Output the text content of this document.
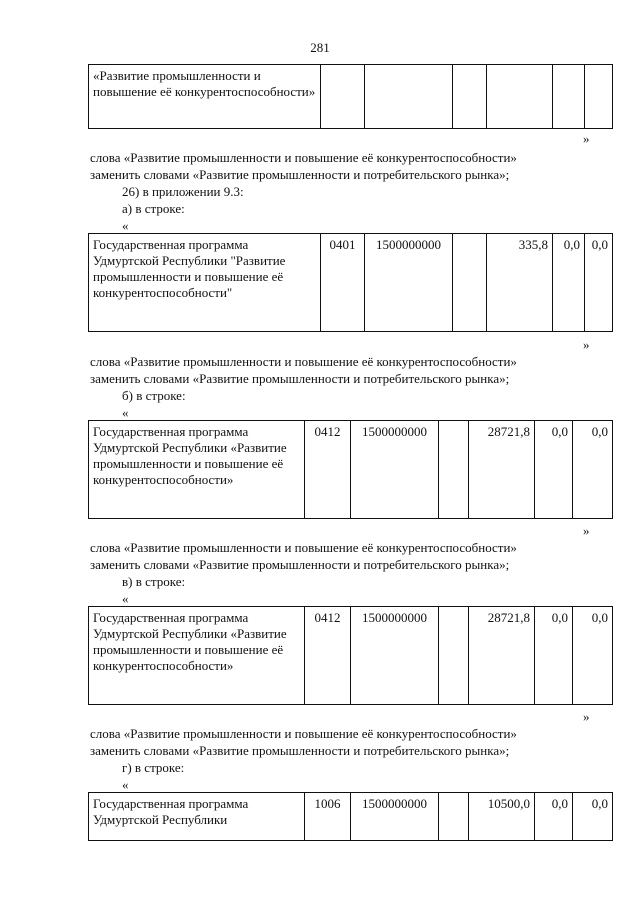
281
«Развитие промышленности и повышение её конкурентоспособности»						
»
слова «Развитие промышленности и повышение её конкурентоспособности»
заменить словами «Развитие промышленности и потребительского рынка»;
26) в приложении 9.3:
а) в строке:
«
Государственная программа Удмуртской Республики "Развитие промышленности и повышение её конкурентоспособности"	0401	1500000000		335,8	0,0	0,0
»
слова «Развитие промышленности и повышение её конкурентоспособности»
заменить словами «Развитие промышленности и потребительского рынка»;
б) в строке:
«
Государственная программа Удмуртской Республики «Развитие промышленности и повышение её конкурентоспособности»	0412	1500000000		28721,8	0,0	0,0
»
слова «Развитие промышленности и повышение её конкурентоспособности»
заменить словами «Развитие промышленности и потребительского рынка»;
в) в строке:
«
Государственная программа Удмуртской Республики «Развитие промышленности и повышение её конкурентоспособности»	0412	1500000000		28721,8	0,0	0,0
»
слова «Развитие промышленности и повышение её конкурентоспособности»
заменить словами «Развитие промышленности и потребительского рынка»;
г) в строке:
«
Государственная программа Удмуртской Республики	1006	1500000000		10500,0	0,0	0,0
